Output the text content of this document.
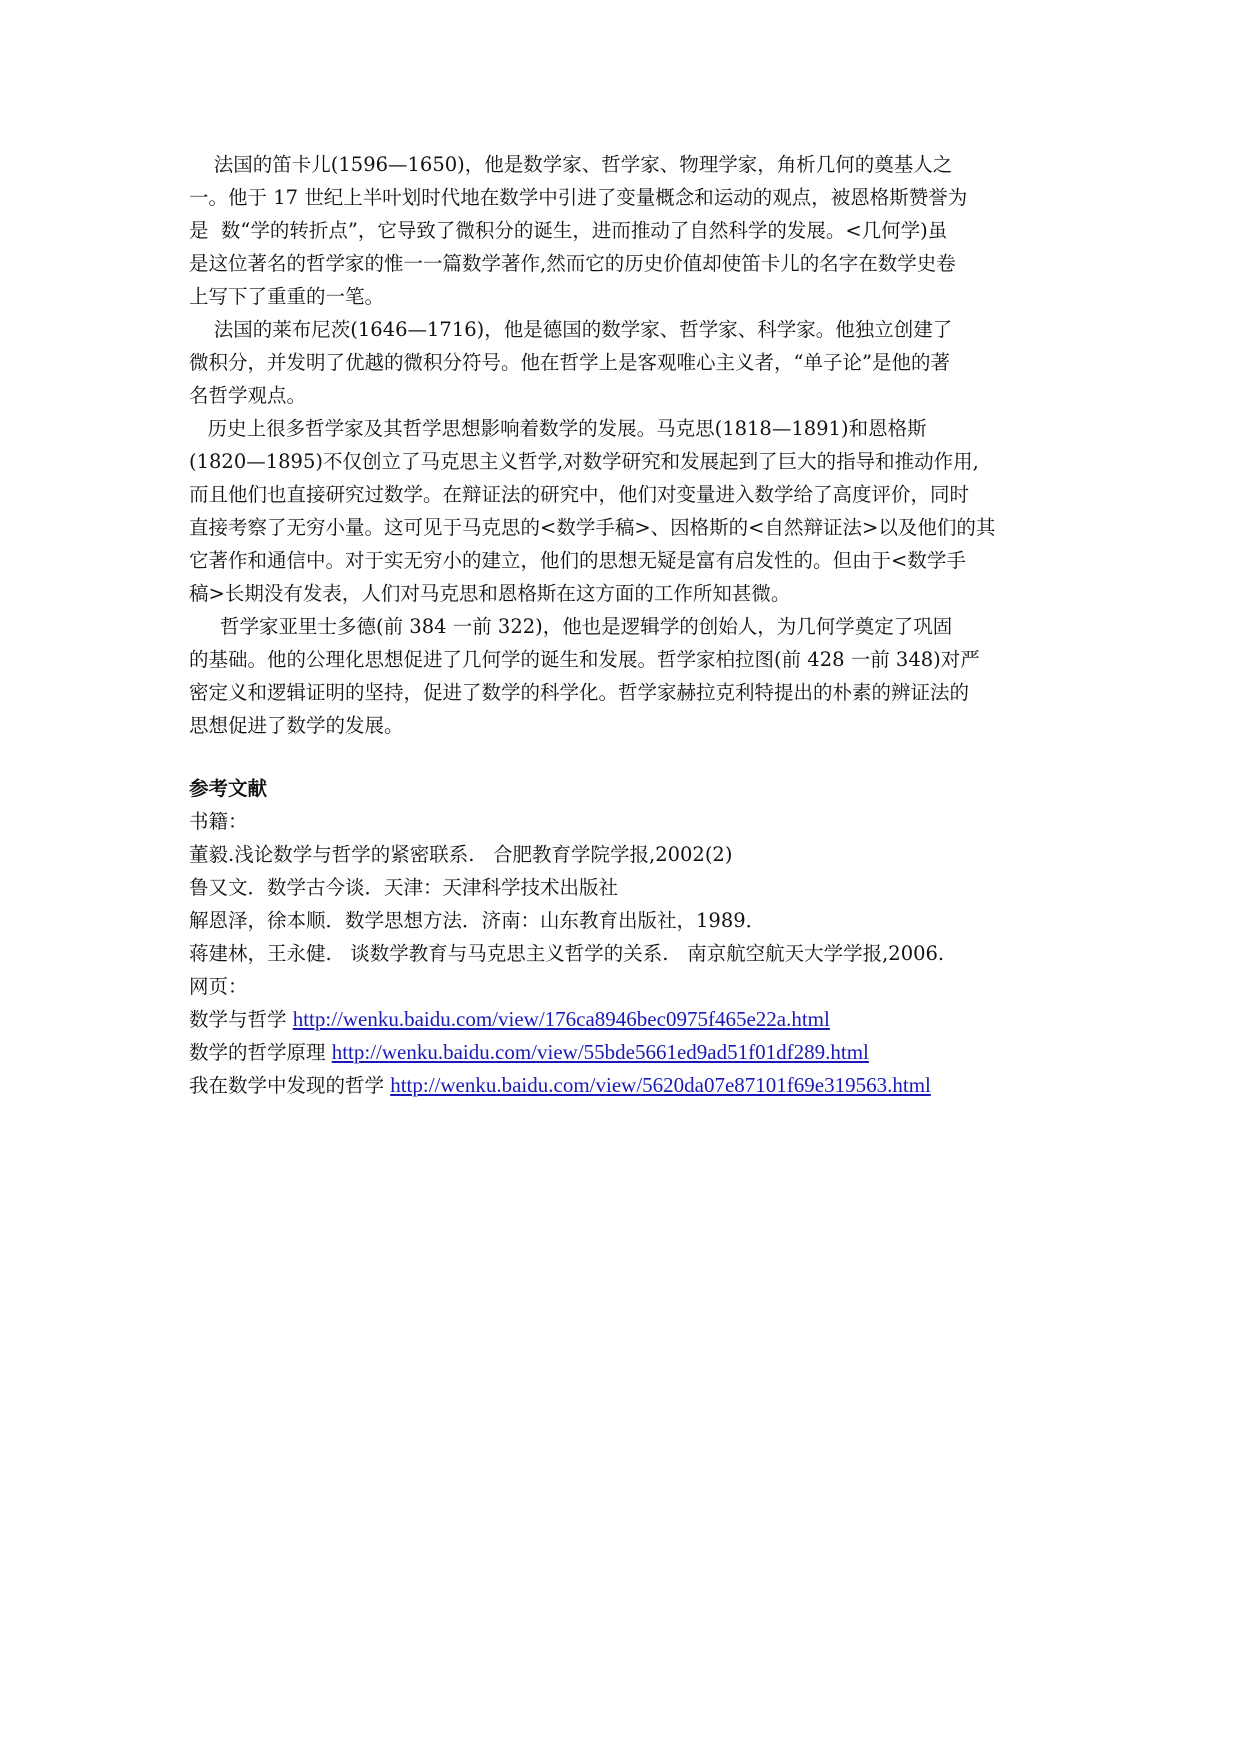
法国的笛卡儿(1596—1650)，他是数学家、哲学家、物理学家，角析几何的奠基人之
一。他于 17 世纪上半叶划时代地在数学中引进了变量概念和运动的观点，被恩格斯赞誉为
是  数“学的转折点”，它导致了微积分的诞生，进而推动了自然科学的发展。<几何学)虽
是这位著名的哲学家的惟一一篇数学著作,然而它的历史价值却使笛卡儿的名字在数学史卷
上写下了重重的一笔。
法国的莱布尼茨(1646—1716)，他是德国的数学家、哲学家、科学家。他独立创建了
微积分，并发明了优越的微积分符号。他在哲学上是客观唯心主义者，“单子论”是他的著
名哲学观点。
历史上很多哲学家及其哲学思想影响着数学的发展。马克思(1818—1891)和恩格斯
(1820—1895)不仅创立了马克思主义哲学,对数学研究和发展起到了巨大的指导和推动作用,
而且他们也直接研究过数学。在辩证法的研究中，他们对变量进入数学给了高度评价，同时
直接考察了无穷小量。这可见于马克思的<数学手稿>、因格斯的<自然辩证法>以及他们的其
它著作和通信中。对于实无穷小的建立，他们的思想无疑是富有启发性的。但由于<数学手
稿>长期没有发表，人们对马克思和恩格斯在这方面的工作所知甚微。
哲学家亚里士多德(前 384 一前 322)，他也是逻辑学的创始人，为几何学奠定了巩固
的基础。他的公理化思想促进了几何学的诞生和发展。哲学家柏拉图(前 428 一前 348)对严
密定义和逻辑证明的坚持，促进了数学的科学化。哲学家赫拉克利特提出的朴素的辨证法的
思想促进了数学的发展。
参考文献
书籍：
董毅.浅论数学与哲学的紧密联系.   合肥教育学院学报,2002(2)
鲁又文．数学古今谈．天津：天津科学技术出版社
解恩泽，徐本顺．数学思想方法．济南：山东教育出版社，1989．
蒋建林，王永健.   谈数学教育与马克思主义哲学的关系.   南京航空航天大学学报,2006.
网页：
数学与哲学 http://wenku.baidu.com/view/176ca8946bec0975f465e22a.html
数学的哲学原理 http://wenku.baidu.com/view/55bde5661ed9ad51f01df289.html
我在数学中发现的哲学 http://wenku.baidu.com/view/5620da07e87101f69e319563.html
